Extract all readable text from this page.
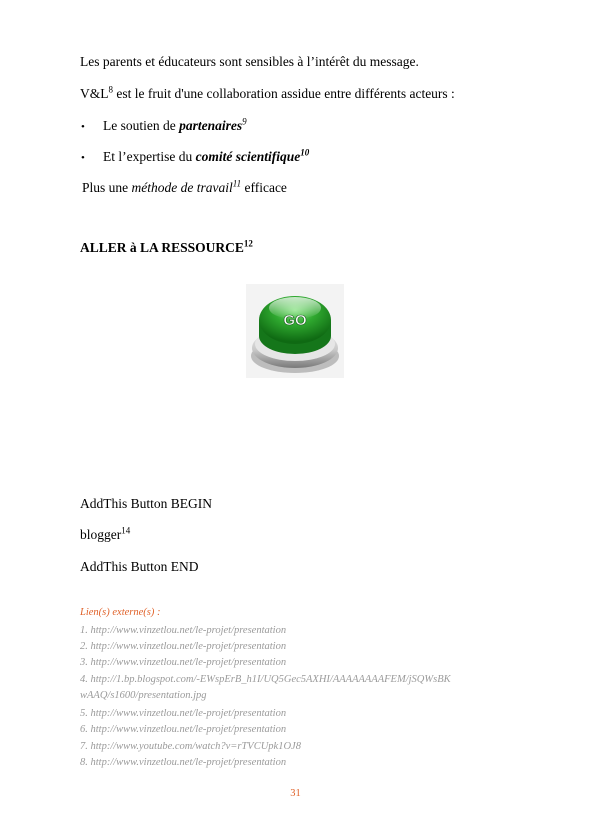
Les parents et éducateurs sont sensibles à l’intérêt du message.
$V\&L^8$ est le fruit d'une collaboration assidue entre différents acteurs :
• Le soutien de partenaires$^9$
• Et l’expertise du comité scientifique$^{10}$
Plus une méthode de travail$^{11}$ efficace
ALLER à LA RESSOURCE$^{12}$
GO
AddThis Button BEGIN
blogger$^{14}$
AddThis Button END
Lien(s) externe(s) :
1. http://www.vinzetlou.net/le-projet/presentation
2. http://www.vinzetlou.net/le-projet/presentation
3. http://www.vinzetlou.net/le-projet/presentation
4. http://1.bp.blogspot.com/-EWspErB_h1I/UQ5Gec5AXHI/AAAAAAAAFEM/jSQWsBK
wAAQ/s1600/presentation.jpg
5. http://www.vinzetlou.net/le-projet/presentation
6. http://www.vinzetlou.net/le-projet/presentation
7. http://www.youtube.com/watch?v=rTVCUpk1OJ8
8. http://www.vinzetlou.net/le-projet/presentation
31
